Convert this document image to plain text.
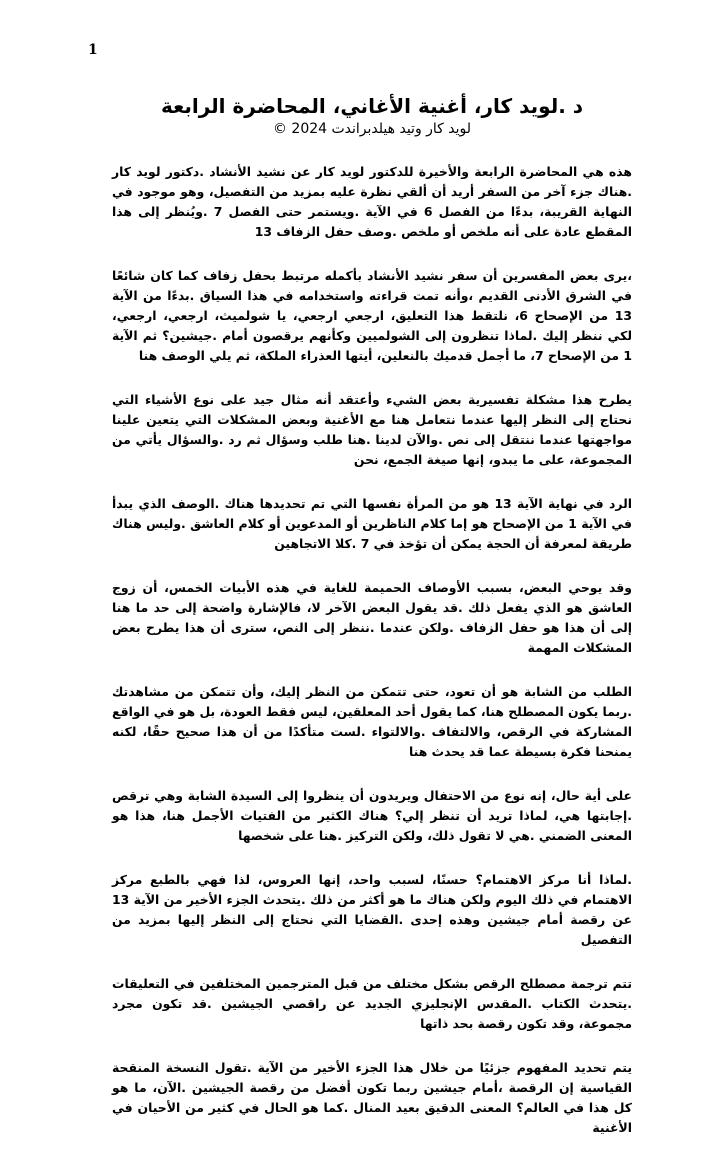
1
د .لويد كار، أغنية الأغاني، المحاضرة الرابعة
لويد كار وتيد هيلدبراندت 2024 ©

هذه هي المحاضرة الرابعة والأخيرة للدكتور لويد كار عن نشيد الأنشاد .دكتور لويد كار .هناك جزء آخر من السفر أريد أن ألقي نظرة عليه بمزيد من التفصيل، وهو موجود في النهاية القريبة، بدءًا من الفصل 6 في الآية .ويستمر حتى الفصل 7 .ويُنظر إلى هذا المقطع عادة على أنه ملخص أو ملخص .وصف حفل الزفاف 13

،يرى بعض المفسرين أن سفر نشيد الأنشاد بأكمله مرتبط بحفل زفاف كما كان شائعًا في الشرق الأدنى القديم ،وأنه تمت قراءته واستخدامه في هذا السياق .بدءًا من الآية 13 من الإصحاح 6، نلتقط هذا التعليق، ارجعي ارجعي، يا شولميث، ارجعي، ارجعي، لكي ننظر إليك .لماذا تنظرون إلى الشولميين وكأنهم يرقصون أمام .جيشين؟ ثم الآية 1 من الإصحاح 7، ما أجمل قدميك بالنعلين، أيتها العذراء الملكة، ثم يلي الوصف هنا

يطرح هذا مشكلة تفسيرية بعض الشيء وأعتقد أنه مثال جيد على نوع الأشياء التي نحتاج إلى النظر إليها عندما نتعامل هنا مع الأغنية وبعض المشكلات التي يتعين علينا مواجهتها عندما ننتقل إلى نص .والآن لدينا .هنا طلب وسؤال ثم رد .والسؤال يأتي من المجموعة، على ما يبدو، إنها صيغة الجمع، نحن

الرد في نهاية الآية 13 هو من المرأة نفسها التي تم تحديدها هناك .الوصف الذي يبدأ في الآية 1 من الإصحاح هو إما كلام الناظرين أو المدعوين أو كلام العاشق .وليس هناك طريقة لمعرفة أن الحجة يمكن أن تؤخذ في 7 .كلا الاتجاهين

وقد يوحي البعض، بسبب الأوصاف الحميمة للغاية في هذه الأبيات الخمس، أن زوج العاشق هو الذي يفعل ذلك .قد يقول البعض الآخر لا، فالإشارة واضحة إلى حد ما هنا إلى أن هذا هو حفل الزفاف .ولكن عندما .ننظر إلى النص، سترى أن هذا يطرح بعض المشكلات المهمة

الطلب من الشابة هو أن تعود، حتى تتمكن من النظر إليك، وأن تتمكن من مشاهدتك .ربما يكون المصطلح هنا، كما يقول أحد المعلقين، ليس فقط العودة، بل هو في الواقع المشاركة في الرقص، والالتفاف .والالتواء .لست متأكدًا من أن هذا صحيح حقًا، لكنه يمنحنا فكرة بسيطة عما قد يحدث هنا

على أية حال، إنه نوع من الاحتفال ويريدون أن ينظروا إلى السيدة الشابة وهي ترقص .إجابتها هي، لماذا تريد أن تنظر إلي؟ هناك الكثير من الفتيات الأجمل هنا، هذا هو المعنى الضمني .هي لا تقول ذلك، ولكن التركيز .هنا على شخصها

.لماذا أنا مركز الاهتمام؟ حسنًا، لسبب واحد، إنها العروس، لذا فهي بالطبع مركز الاهتمام في ذلك اليوم ولكن هناك ما هو أكثر من ذلك .يتحدث الجزء الأخير من الآية 13 عن رقصة أمام جيشين وهذه إحدى .القضايا التي نحتاج إلى النظر إليها بمزيد من التفصيل

تتم ترجمة مصطلح الرقص بشكل مختلف من قبل المترجمين المختلفين في التعليقات .يتحدث الكتاب .المقدس الإنجليزي الجديد عن راقصي الجيشين .قد تكون مجرد مجموعة، وقد تكون رقصة بحد ذاتها

يتم تحديد المفهوم جزئيًا من خلال هذا الجزء الأخير من الآية .تقول النسخة المنقحة القياسية إن الرقصة ،أمام جيشين ربما تكون أفضل من رقصة الجيشين .الآن، ما هو كل هذا في العالم؟ المعنى الدقيق بعيد المنال .كما هو الحال في كثير من الأحيان في الأغنية
